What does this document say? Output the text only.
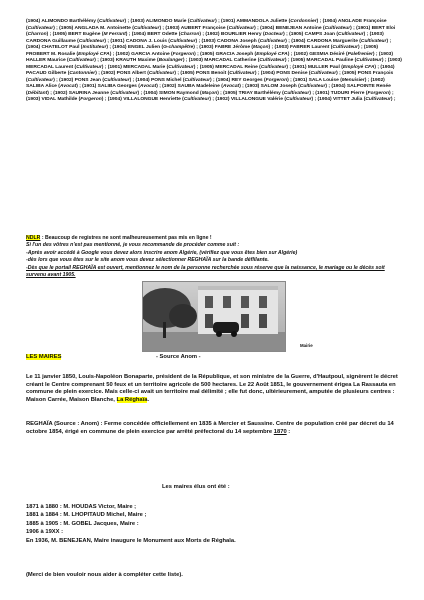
(1904) ALIMONDO Barthélémy (Cultivateur) ; (1903) ALIMONDO Marie (Cultivateur) ; (1901) AMMANDOLA Juliette (Cordonnier) ; (1904) ANGLADE Françoise (Cultivateur) ; (1905) ANGLADA M. Antoinette (Cultivateur) ; (1903) AUBERT Françoise (Cultivateur) ; (1904) BENEJEAN Antoine (Cultivateur) ; (1901) BERT Eloi (Charron) ; (1905) BERT Eugène (M Ferrant) ; (1904) BERT Odette (Charron) ; (1902) BOURLIER Henry (Docteur) ; (1905) CAMPS Joan (Cultivateur) ; (1903) CARDONA Guillaume (Cultivateur) ; (1901) CADONA J. Louis (Cultivateur) ; (1903) CADONA Joseph (Cultivateur) ; (1904) CARDONA Marguerite (Cultivateur) ; (1904) CHATELOT Paul (Instituteur) ; (1904) ENGEL Julien (G-champêtre) ; (1903) FABRE Jérôme (Maçon) ; (1903) FABRER Laurent (Cultivateur) ; (1905) FROBERT M. Rosalie (Employé CFA) ; (1902) GARCIA Antoine (Forgeron) ; (1905) GRACIA Joseph (Employé CFA) ; (1902) GESMIA Désiré (Palefrenier) ; (1903) HALLER Maurice (Cultivateur) ; (1903) KRAUTH Maxime (Boulanger) ; (1903) MARCADAL Catherine (Cultivateur) ; (1905) MARCADAL Pauline (Cultivateur) ; (1903) MERCADAL Laurent (Cultivateur) ; (1901) MERCADAL Marie (Cultivateur) ; (1905) MERCADAL Reine (Cultivateur) ; (1901) MULLER Paul (Employé CFA) ; (1904) PACAUD Gilberte (Cantonnier) ; (1902) PONS Albert (Cultivateur) ; (1905) PONS Benoit (Cultivateur) ; (1904) PONS Denise (Cultivateur) ; (1905) PONS François (Cultivateur) ; (1902) PONS Jean (Cultivateur) ; (1904) PONS Michel (Cultivateur) ; (1904) REY Georges (Forgeron) ; (1901) SALA Louise (Menuisier) ; (1902) SALIBA Alice (Avocat) ; (1901) SALIBA Georges (Avocat) ; (1902) SAUBA Madeleine (Avocat) ; (1903) SALOM Joseph (Cultivateur) ; (1904) SALPOINTE Renée (Débitant) ; (1902) SAURINA Jeanne (Cultivateur) ; (1904) SIMON Raymond (Maçon) ; (1905) TRIAY Barthélémy (Cultivateur) ; (1901) TUDURI Pierre (Forgeron) ; (1903) VIDAL Mathilde (Forgeron) ; (1904) VILLALONGUE Henriette (Cultivateur) ; (1902) VILLALONGUE Valérie (Cultivateur) ; (1904) VITTET Julia (Cultivateur) ;
NDLR : Beaucoup de registres ne sont malheureusement pas mis en ligne !
Si l'un des vôtres n'est pas mentionné, je vous recommande de procéder comme suit :
-Après avoir accédé à Google vous devez alors inscrire anom Algérie, (vérifiez que vous êtes bien sur Algérie)
-dès lors que vous êtes sur le site anom vous devez sélectionner REGHAÏA sur la bande déflilante.
-Dès que le portail REGHAÏA est ouvert, mentionnez le nom de la personne recherchée sous réserve que la naissance, le mariage ou le décès soit survenu avant 1905.
Mairie
LES MAIRES	- Source Anom -
Le 11 janvier 1850, Louis-Napoléon Bonaparte, président de la République, et son ministre de la Guerre, d'Hautpoul, signèrent le décret créant le Centre comprenant 50 feux et un territoire agricole de 500 hectares. Le 22 Août 1851, le gouvernement érigea La Rassauta en commune de plein exercice. Mais celle-ci avait un territoire mal délimité ; elle fut donc, ultérieurement, amputée de plusieurs centres : Maison Carrée, Maison Blanche, La Réghaïa.
REGHAÏA (Source : Anom) : Ferme concédée officiellement en 1835 à Mercier et Saussine. Centre de population créé par décret du 14 octobre 1854, érigé en commune de plein exercice par arrêté préfectoral du 14 septembre 1870 :
Les maires élus ont été :
1871 à 1880 : M. HOUDAS Victor, Maire ;
1881 à 1884 : M. LHOPITAUD Michel, Maire ;
1885 à 1905 : M. GOBEL Jacques, Maire :
1906 à 19XX :
En 1936, M. BENEJEAN, Maire inaugure le Monument aux Morts de Réghaïa.
(Merci de bien vouloir nous aider à compléter cette liste).
